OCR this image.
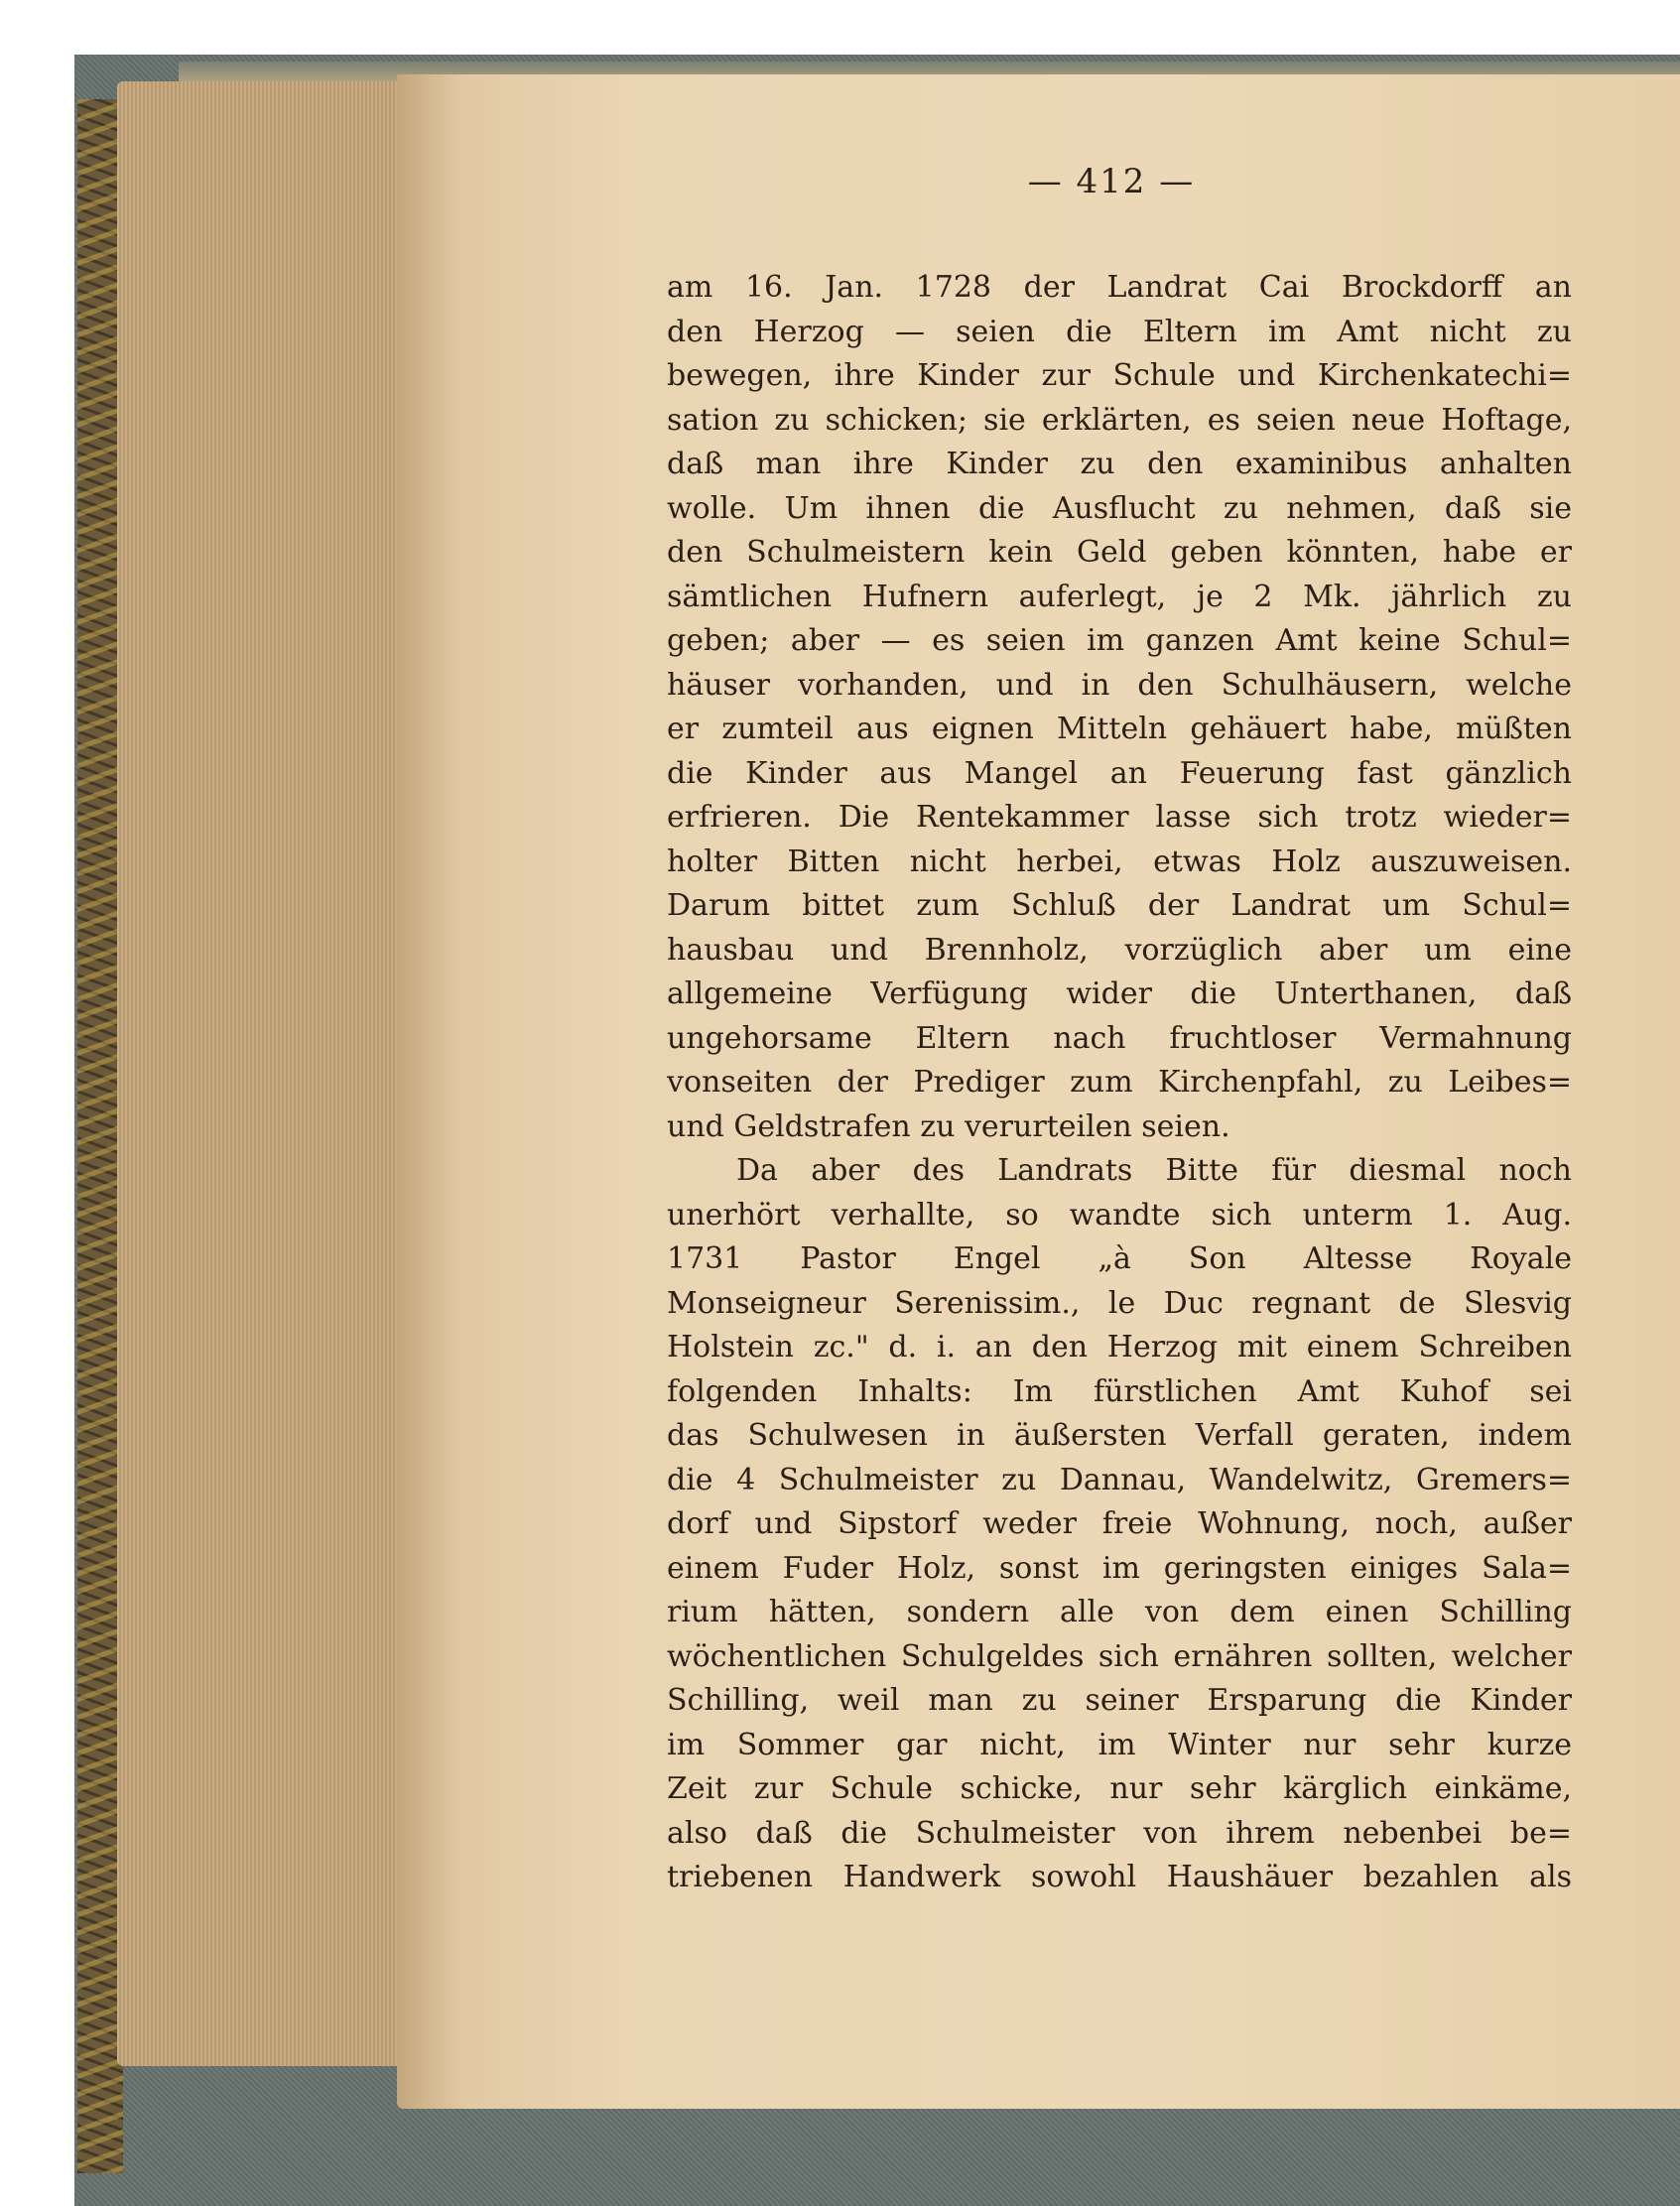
— 412 —
am 16. Jan. 1728 der Landrat Cai Brockdorff an
den Herzog — seien die Eltern im Amt nicht zu
bewegen, ihre Kinder zur Schule und Kirchenkatechi=
sation zu schicken; sie erklärten, es seien neue Hoftage,
daß man ihre Kinder zu den examinibus anhalten
wolle. Um ihnen die Ausflucht zu nehmen, daß sie
den Schulmeistern kein Geld geben könnten, habe er
sämtlichen Hufnern auferlegt, je 2 Mk. jährlich zu
geben; aber — es seien im ganzen Amt keine Schul=
häuser vorhanden, und in den Schulhäusern, welche
er zumteil aus eignen Mitteln gehäuert habe, müßten
die Kinder aus Mangel an Feuerung fast gänzlich
erfrieren. Die Rentekammer lasse sich trotz wieder=
holter Bitten nicht herbei, etwas Holz auszuweisen.
Darum bittet zum Schluß der Landrat um Schul=
hausbau und Brennholz, vorzüglich aber um eine
allgemeine Verfügung wider die Unterthanen, daß
ungehorsame Eltern nach fruchtloser Vermahnung
vonseiten der Prediger zum Kirchenpfahl, zu Leibes=
und Geldstrafen zu verurteilen seien.
Da aber des Landrats Bitte für diesmal noch
unerhört verhallte, so wandte sich unterm 1. Aug.
1731 Pastor Engel „à Son Altesse Royale
Monseigneur Serenissim., le Duc regnant de Slesvig
Holstein zc." d. i. an den Herzog mit einem Schreiben
folgenden Inhalts: Im fürstlichen Amt Kuhof sei
das Schulwesen in äußersten Verfall geraten, indem
die 4 Schulmeister zu Dannau, Wandelwitz, Gremers=
dorf und Sipstorf weder freie Wohnung, noch, außer
einem Fuder Holz, sonst im geringsten einiges Sala=
rium hätten, sondern alle von dem einen Schilling
wöchentlichen Schulgeldes sich ernähren sollten, welcher
Schilling, weil man zu seiner Ersparung die Kinder
im Sommer gar nicht, im Winter nur sehr kurze
Zeit zur Schule schicke, nur sehr kärglich einkäme,
also daß die Schulmeister von ihrem nebenbei be=
triebenen Handwerk sowohl Haushäuer bezahlen als
